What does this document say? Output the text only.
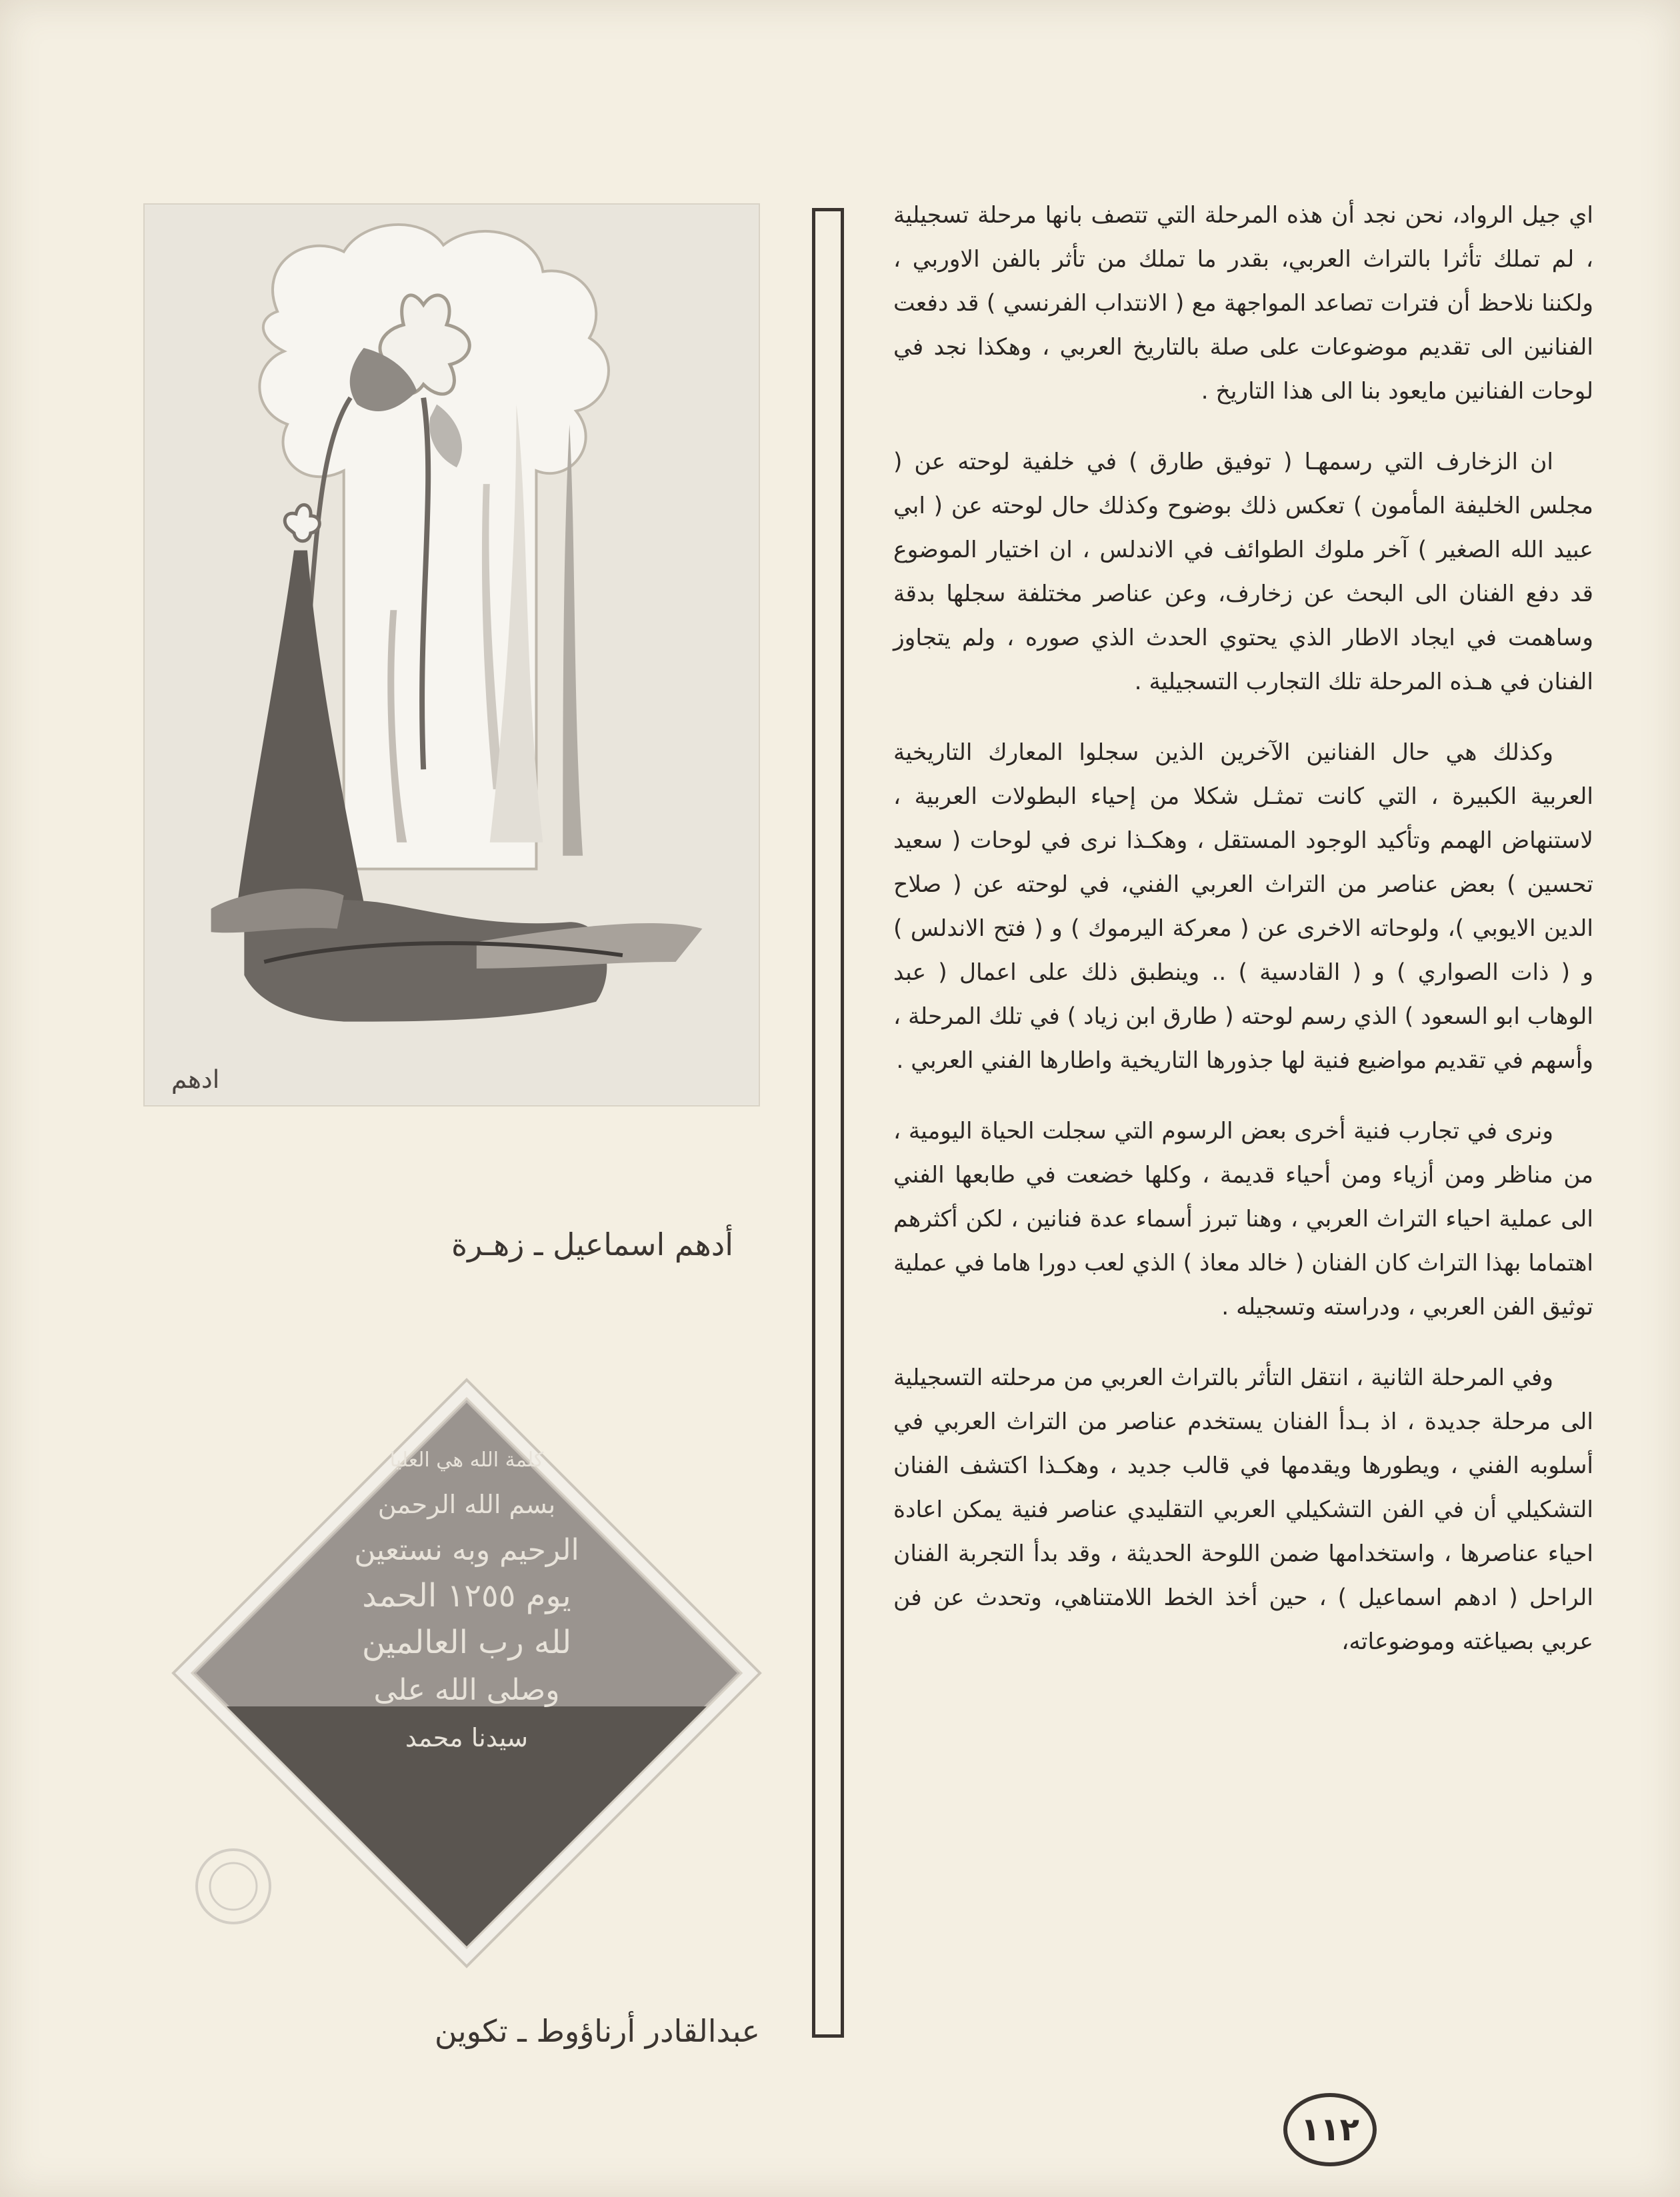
اي جيل الرواد، نحن نجد أن هذه المرحلة التي تتصف بانها مرحلة تسجيلية ، لم تملك تأثرا بالتراث العربي، بقدر ما تملك من تأثر بالفن الاوربي ، ولكننا نلاحظ أن فترات تصاعد المواجهة مع ( الانتداب الفرنسي ) قد دفعت الفنانين الى تقديم موضوعات على صلة بالتاريخ العربي ، وهكذا نجد في لوحات الفنانين مايعود بنا الى هذا التاريخ .

ان الزخارف التي رسمهـا ( توفيق طارق ) في خلفية لوحته عن ( مجلس الخليفة المأمون ) تعكس ذلك بوضوح وكذلك حال لوحته عن ( ابي عبيد الله الصغير ) آخر ملوك الطوائف في الاندلس ، ان اختيار الموضوع قد دفع الفنان الى البحث عن زخارف، وعن عناصر مختلفة سجلها بدقة وساهمت في ايجاد الاطار الذي يحتوي الحدث الذي صوره ، ولم يتجاوز الفنان في هـذه المرحلة تلك التجارب التسجيلية .

وكذلك هي حال الفنانين الآخرين الذين سجلوا المعارك التاريخية العربية الكبيرة ، التي كانت تمثـل شكلا من إحياء البطولات العربية ، لاستنهاض الهمم وتأكيد الوجود المستقل ، وهكـذا نرى في لوحات ( سعيد تحسين ) بعض عناصر من التراث العربي الفني، في لوحته عن ( صلاح الدين الايوبي )، ولوحاته الاخرى عن ( معركة اليرموك ) و ( فتح الاندلس ) و ( ذات الصواري ) و ( القادسية ) .. وينطبق ذلك على اعمال ( عبد الوهاب ابو السعود ) الذي رسم لوحته ( طارق ابن زياد ) في تلك المرحلة ، وأسهم في تقديم مواضيع فنية لها جذورها التاريخية واطارها الفني العربي .

ونرى في تجارب فنية أخرى بعض الرسوم التي سجلت الحياة اليومية ، من مناظر ومن أزياء ومن أحياء قديمة ، وكلها خضعت في طابعها الفني الى عملية احياء التراث العربي ، وهنا تبرز أسماء عدة فنانين ، لكن أكثرهم اهتماما بهذا التراث كان الفنان ( خالد معاذ ) الذي لعب دورا هاما في عملية توثيق الفن العربي ، ودراسته وتسجيله .

وفي المرحلة الثانية ، انتقل التأثر بالتراث العربي من مرحلته التسجيلية الى مرحلة جديدة ، اذ بـدأ الفنان يستخدم عناصر من التراث العربي في أسلوبه الفني ، ويطورها ويقدمها في قالب جديد ، وهكـذا اكتشف الفنان التشكيلي أن في الفن التشكيلي العربي التقليدي عناصر فنية يمكن اعادة احياء عناصرها ، واستخدامها ضمن اللوحة الحديثة ، وقد بدأ التجربة الفنان الراحل ( ادهم اسماعيل ) ، حين أخذ الخط اللامتناهي، وتحدث عن فن عربي بصياغته وموضوعاته،

ادهم
أدهم اسماعيل ـ زهـرة
كلمة الله هي العليا
بسم الله الرحمن
الرحيم وبه نستعين
يوم ١٢٥٥ الحمد
لله رب العالمين
وصلى الله على
سيدنا محمد
عبدالقادر أرناؤوط ـ تكوين
١١٢
